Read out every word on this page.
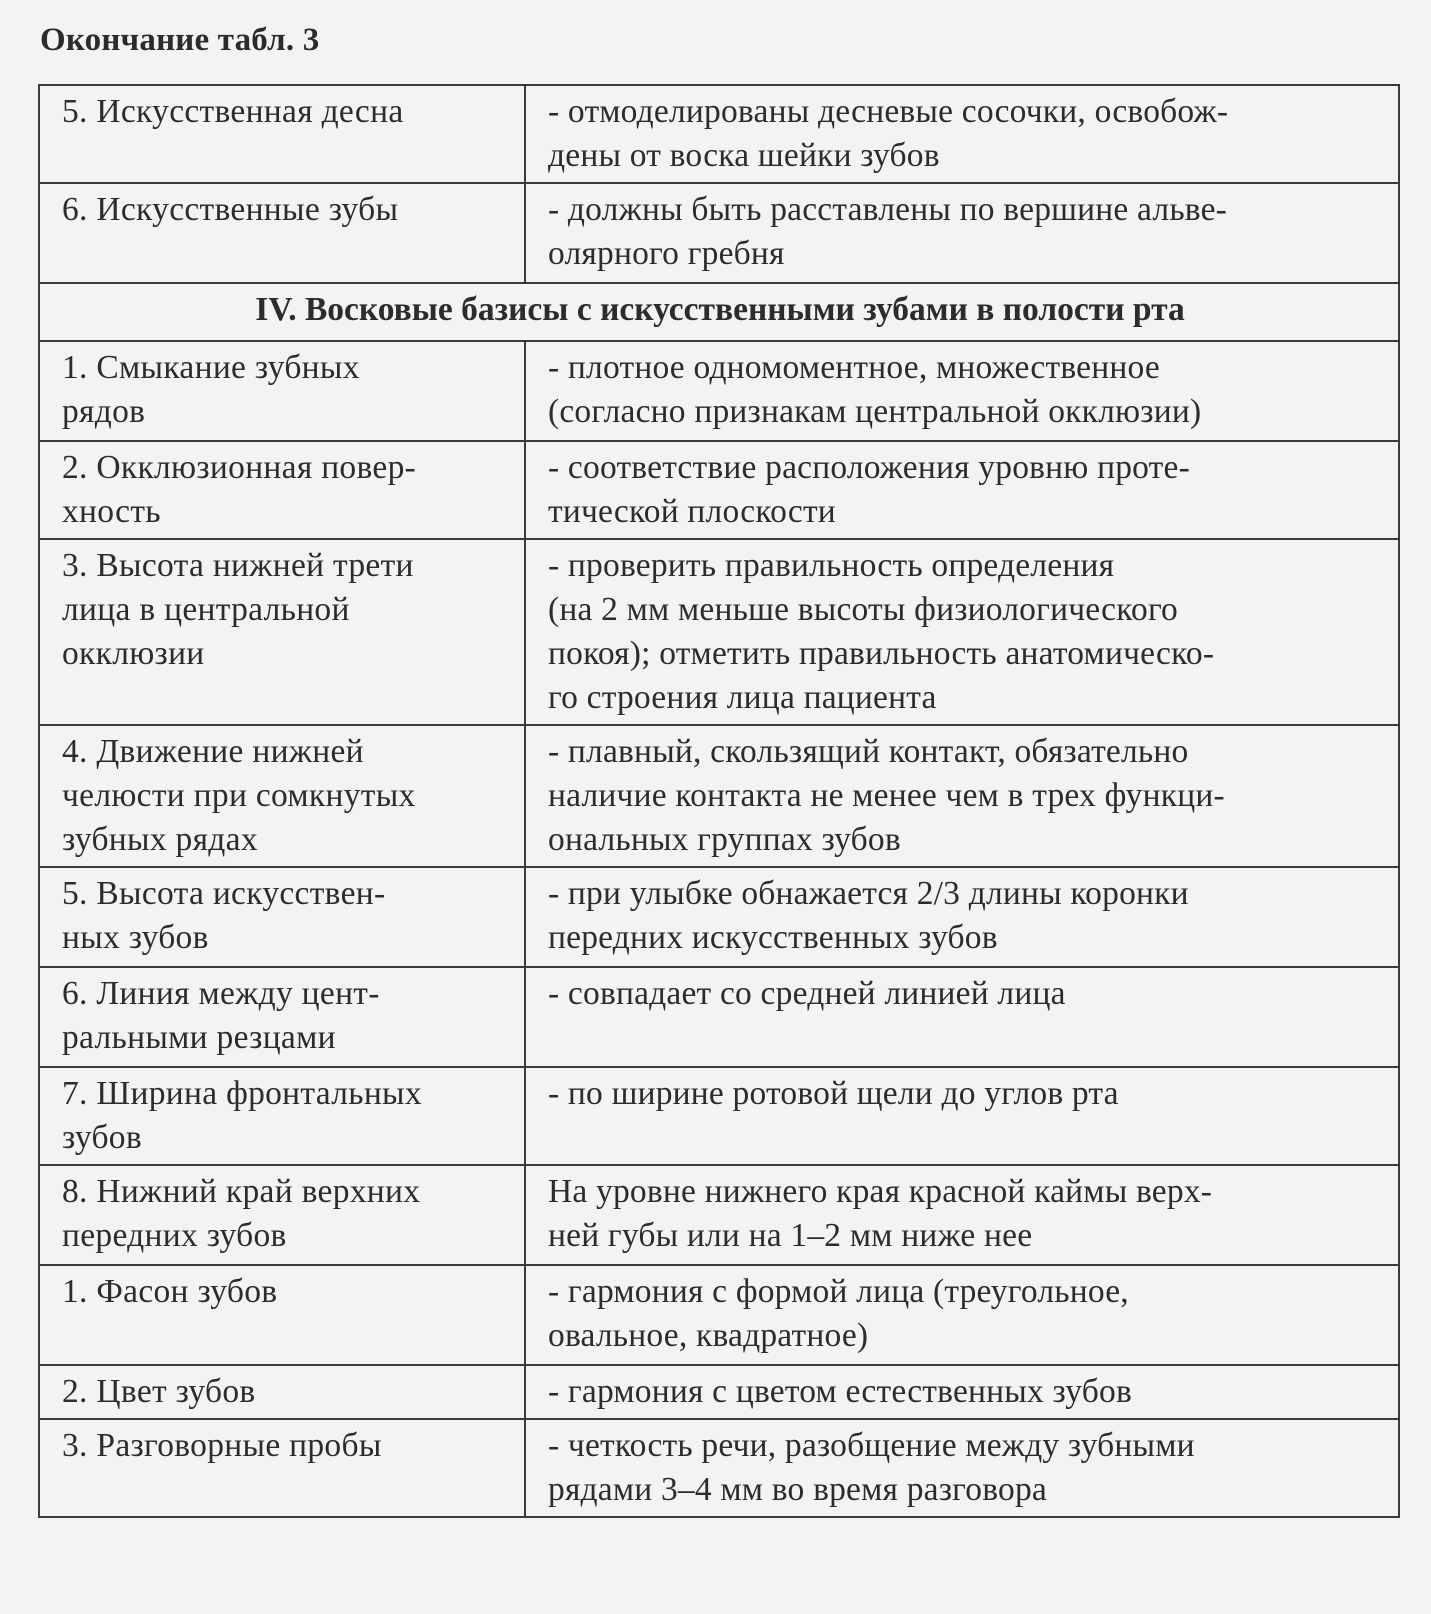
Окончание табл. 3
5. Искусственная десна	- отмоделированы десневые сосочки, освобож-
дены от воска шейки зубов

6. Искусственные зубы	- должны быть расставлены по вершине альве-
олярного гребня

IV. Восковые базисы с искусственными зубами в полости рта	

1. Смыкание зубных
рядов	- плотное одномоментное, множественное
(согласно признакам центральной окклюзии)

2. Окклюзионная повер-
хность	- соответствие расположения уровню проте-
тической плоскости

3. Высота нижней трети
лица в центральной
окклюзии	- проверить правильность определения
(на 2 мм меньше высоты физиологического
покоя); отметить правильность анатомическо-
го строения лица пациента

4. Движение нижней
челюсти при сомкнутых
зубных рядах	- плавный, скользящий контакт, обязательно
наличие контакта не менее чем в трех функци-
ональных группах зубов

5. Высота искусствен-
ных зубов	- при улыбке обнажается 2/3 длины коронки
передних искусственных зубов

6. Линия между цент-
ральными резцами	- совпадает со средней линией лица

7. Ширина фронтальных
зубов	- по ширине ротовой щели до углов рта

8. Нижний край верхних
передних зубов	На уровне нижнего края красной каймы верх-
ней губы или на 1–2 мм ниже нее

1. Фасон зубов	- гармония с формой лица (треугольное,
овальное, квадратное)

2. Цвет зубов	- гармония с цветом естественных зубов

3. Разговорные пробы	- четкость речи, разобщение между зубными
рядами 3–4 мм во время разговора
